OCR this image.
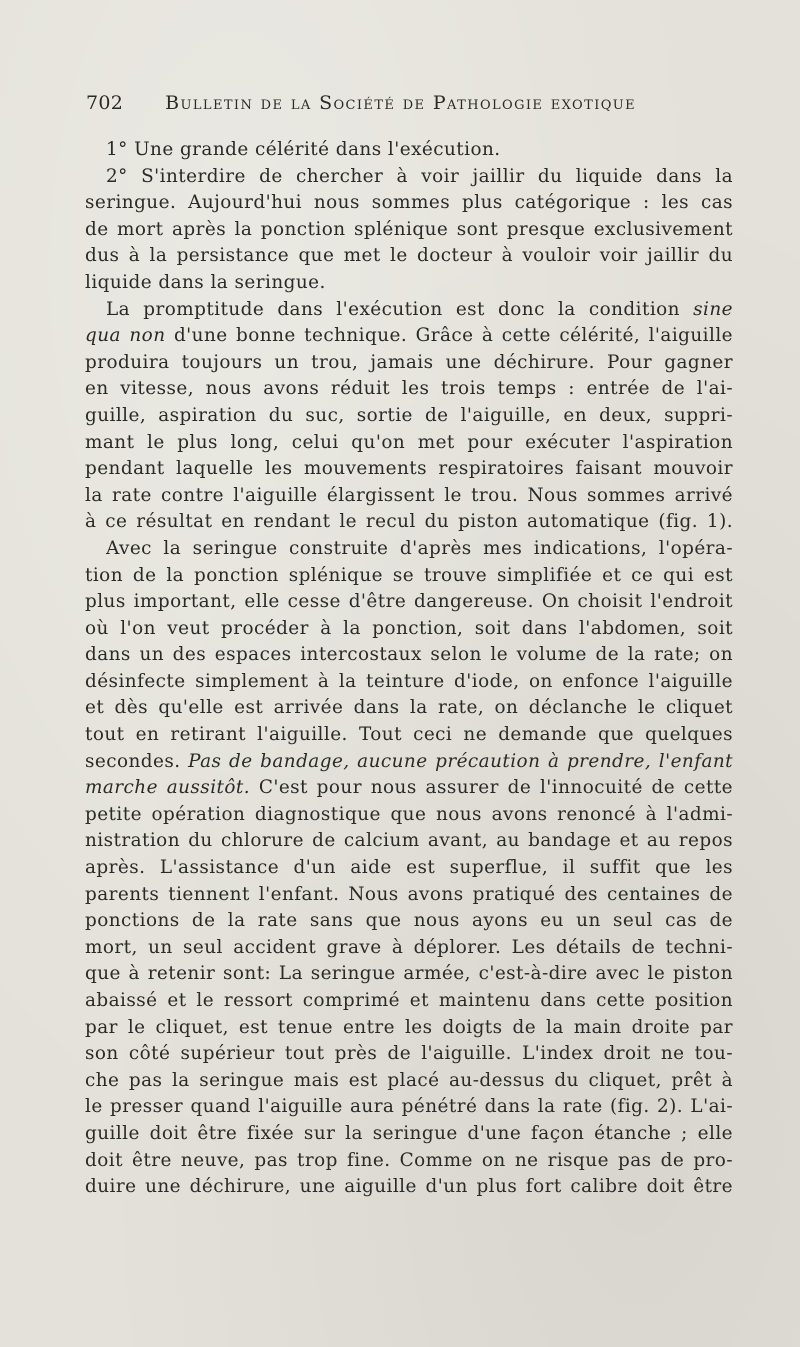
702 Bulletin de la Société de Pathologie exotique
1° Une grande célérité dans l'exécution.
2° S'interdire de chercher à voir jaillir du liquide dans la
seringue. Aujourd'hui nous sommes plus catégorique : les cas
de mort après la ponction splénique sont presque exclusivement
dus à la persistance que met le docteur à vouloir voir jaillir du
liquide dans la seringue.
La promptitude dans l'exécution est donc la condition sine
qua non d'une bonne technique. Grâce à cette célérité, l'aiguille
produira toujours un trou, jamais une déchirure. Pour gagner
en vitesse, nous avons réduit les trois temps : entrée de l'ai-
guille, aspiration du suc, sortie de l'aiguille, en deux, suppri-
mant le plus long, celui qu'on met pour exécuter l'aspiration
pendant laquelle les mouvements respiratoires faisant mouvoir
la rate contre l'aiguille élargissent le trou. Nous sommes arrivé
à ce résultat en rendant le recul du piston automatique (fig. 1).
Avec la seringue construite d'après mes indications, l'opéra-
tion de la ponction splénique se trouve simplifiée et ce qui est
plus important, elle cesse d'être dangereuse. On choisit l'endroit
où l'on veut procéder à la ponction, soit dans l'abdomen, soit
dans un des espaces intercostaux selon le volume de la rate; on
désinfecte simplement à la teinture d'iode, on enfonce l'aiguille
et dès qu'elle est arrivée dans la rate, on déclanche le cliquet
tout en retirant l'aiguille. Tout ceci ne demande que quelques
secondes. Pas de bandage, aucune précaution à prendre, l'enfant
marche aussitôt. C'est pour nous assurer de l'innocuité de cette
petite opération diagnostique que nous avons renoncé à l'admi-
nistration du chlorure de calcium avant, au bandage et au repos
après. L'assistance d'un aide est superflue, il suffit que les
parents tiennent l'enfant. Nous avons pratiqué des centaines de
ponctions de la rate sans que nous ayons eu un seul cas de
mort, un seul accident grave à déplorer. Les détails de techni-
que à retenir sont: La seringue armée, c'est-à-dire avec le piston
abaissé et le ressort comprimé et maintenu dans cette position
par le cliquet, est tenue entre les doigts de la main droite par
son côté supérieur tout près de l'aiguille. L'index droit ne tou-
che pas la seringue mais est placé au-dessus du cliquet, prêt à
le presser quand l'aiguille aura pénétré dans la rate (fig. 2). L'ai-
guille doit être fixée sur la seringue d'une façon étanche ; elle
doit être neuve, pas trop fine. Comme on ne risque pas de pro-
duire une déchirure, une aiguille d'un plus fort calibre doit être
